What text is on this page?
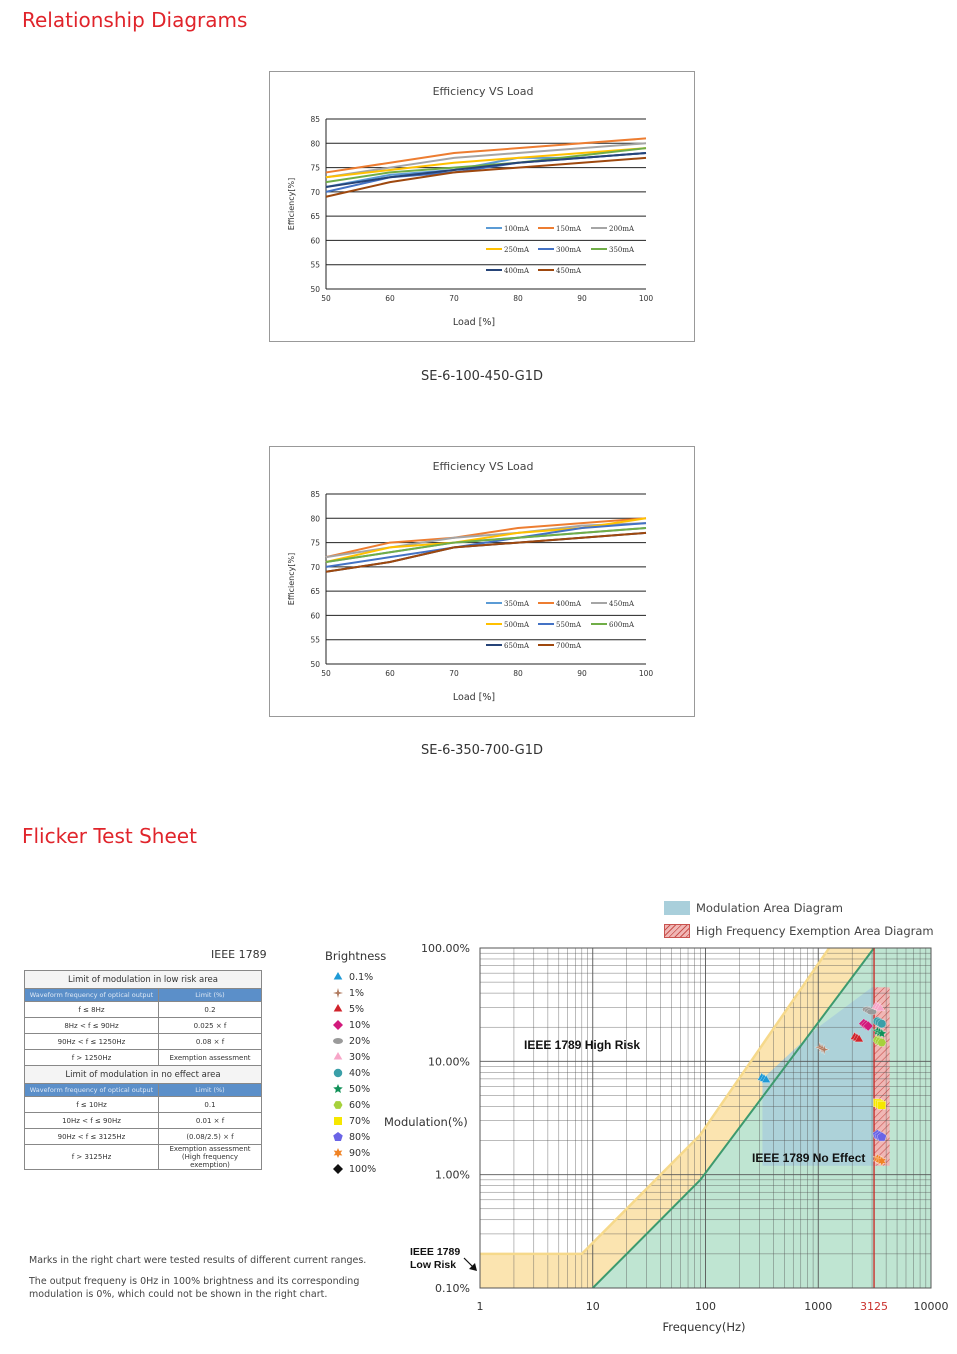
Relationship Diagrams
Efficiency VS Load
50
55
60
65
70
75
80
85
50	60	70	80	90	100
Load [%]
Efficiency[%]	100mA	150mA	200mA
250mA	300mA	350mA
400mA	450mA
SE-6-100-450-G1D
Efficiency VS Load
50
55
60
65
70
75
80
85
50	60	70	80	90	100
Load [%]
Efficiency[%]	350mA	400mA	450mA
500mA	550mA	600mA
650mA	700mA
SE-6-350-700-G1D
Flicker Test Sheet
IEEE 1789
Limit of modulation in low risk area	
Waveform frequency of optical output	Limit (%)
f ≤ 8Hz	0.2
8Hz < f ≤ 90Hz	0.025 × f
90Hz < f ≤ 1250Hz	0.08 × f
f > 1250Hz	Exemption assessment
Limit of modulation in no effect area	
Waveform frequency of optical output	Limit (%)
f ≤ 10Hz	0.1
10Hz < f ≤ 90Hz	0.01 × f
90Hz < f ≤ 3125Hz	(0.08/2.5) × f
f > 3125Hz	Exemption assessment (High frequency exemption)
Brightness
0.1%
1%
5%
10%
20%
30%
40%
50%
60%
70%
80%
90%
100%
Marks in the right chart were tested results of different current ranges.
The output frequeny is 0Hz in 100% brightness and its corresponding modulation is 0%, which could not be shown in the right chart.
Modulation Area Diagram
High Frequency Exemption Area Diagram
0.10%
1.00%
10.00%
100.00%
1	10	100	1000	3125 10000
Frequency(Hz)
Modulation(%)
IEEE 1789 High Risk
IEEE 1789 No Effect
IEEE 1789
Low Risk
